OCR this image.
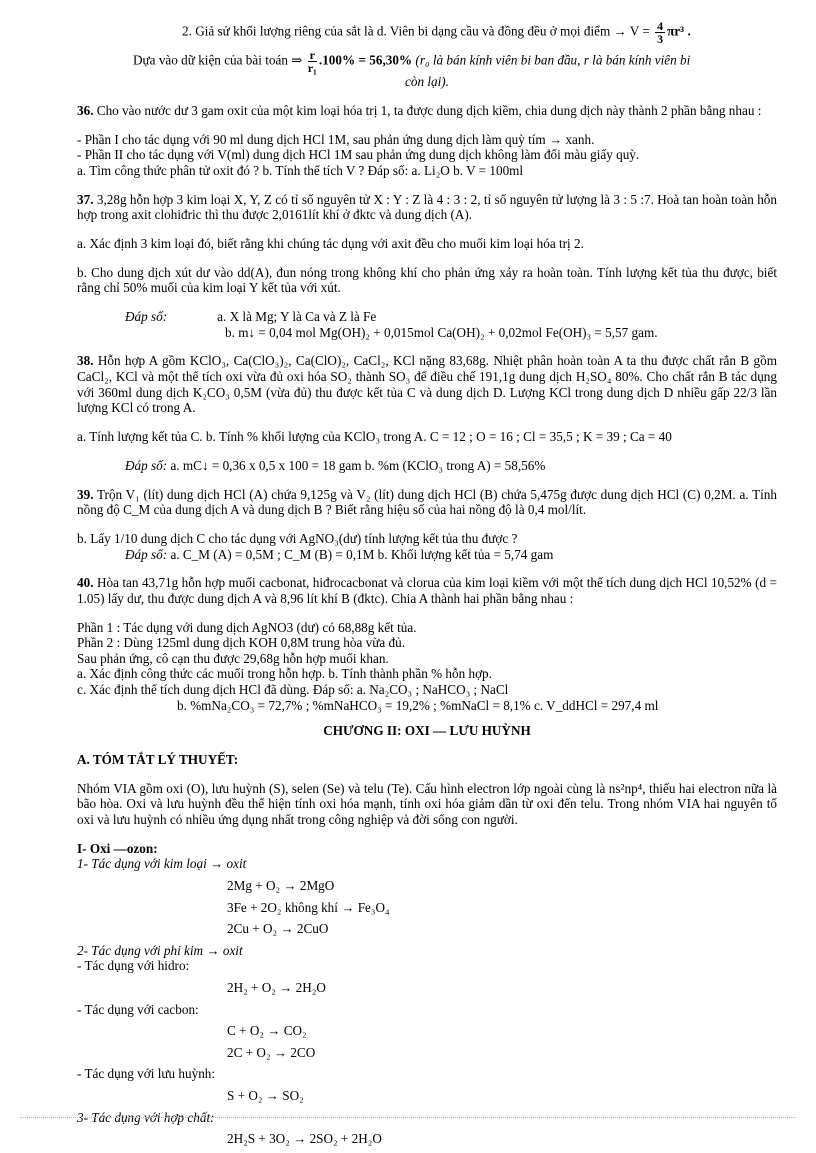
2. Giả sử khối lượng riêng của sắt là d. Viên bi dạng cầu và đồng đều ở mọi điểm → $V = \frac{4}{3} \pi r^3$ .

Dựa vào dữ kiện của bài toán ⇒ $\frac{r}{\text{r₁}} .100\% = 56,30\%$ (r₀ là bán kính viên bi ban đầu, r là bán kính viên bi

còn lại).

36. Cho vào nước dư 3 gam oxit của một kim loại hóa trị 1, ta được dung dịch kiềm, chia dung dịch này thành 2 phần bằng nhau :

- Phần I cho tác dụng với 90 ml dung dịch HCl 1M, sau phản ứng dung dịch làm quỳ tím → xanh.

- Phần II cho tác dụng với V(ml) dung dịch HCl 1M sau phản ứng dung dịch không làm đổi màu giấy quỳ.

a. Tìm công thức phân tử oxit đó ? b. Tính thể tích V ? Đáp số: a. Li₂O b. V = 100ml

37. 3,28g hỗn hợp 3 kim loại X, Y, Z có tỉ số nguyên tử X : Y : Z là 4 : 3 : 2, tỉ số nguyên tử lượng là 3 : 5 :7. Hoà tan hoàn toàn hỗn hợp trong axit clohiđric thì thu được 2,0161lít khí ở đktc và dung dịch (A).

a. Xác định 3 kim loại đó, biết rằng khi chúng tác dụng với axit đều cho muối kim loại hóa trị 2.

b. Cho dung dịch xút dư vào dd(A), đun nóng trong không khí cho phản ứng xảy ra hoàn toàn. Tính lượng kết tủa thu được, biết rằng chỉ 50% muối của kim loại Y kết tủa với xút.

Đáp số:	a. X là Mg; Y là Ca và Z là Fe

b. m↓ = 0,04 mol Mg(OH)₂ + 0,015mol Ca(OH)₂ + 0,02mol Fe(OH)₃ = 5,57 gam.

38. Hỗn hợp A gồm KClO₃, Ca(ClO₃)₂, Ca(ClO)₂, CaCl₂, KCl nặng 83,68g. Nhiệt phân hoàn toàn A ta thu được chất rắn B gồm CaCl₂, KCl và một thể tích oxi vừa đủ oxi hóa SO₂ thành SO₃ để điều chế 191,1g dung dịch H₂SO₄ 80%. Cho chất rắn B tác dụng với 360ml dung dịch K₂CO₃ 0,5M (vừa đủ) thu được kết tủa C và dung dịch D. Lượng KCl trong dung dịch D nhiều gấp 22/3 lần lượng KCl có trong A.

a. Tính lượng kết tủa C. b. Tính % khối lượng của KClO₃ trong A. C = 12 ; O = 16 ; Cl = 35,5 ; K = 39 ; Ca = 40

Đáp số: a. mC↓ = 0,36 x 0,5 x 100 = 18 gam b. %m (KClO₃ trong A) = 58,56%

39. Trộn V₁ (lít) dung dịch HCl (A) chứa 9,125g và V₂ (lít) dung dịch HCl (B) chứa 5,475g được dung dịch HCl (C) 0,2M. a. Tính nồng độ C_M của dung dịch A và dung dịch B ? Biết rằng hiệu số của hai nồng độ là 0,4 mol/lít.

b. Lấy 1/10 dung dịch C cho tác dụng với AgNO₃(dư) tính lượng kết tủa thu được ?

Đáp số: a. C_M (A) = 0,5M ; C_M (B) = 0,1M b. Khối lượng kết tủa = 5,74 gam

40. Hòa tan 43,71g hỗn hợp muối cacbonat, hiđrocacbonat và clorua của kim loại kiềm với một thể tích dung dịch HCl 10,52% (d = 1.05) lấy dư, thu được dung dịch A và 8,96 lít khí B (đktc). Chia A thành hai phần bằng nhau :

Phần 1 : Tác dụng với dung dịch AgNO3 (dư) có 68,88g kết tủa.

Phần 2 : Dùng 125ml dung dịch KOH 0,8M trung hòa vừa đủ.

Sau phản ứng, cô cạn thu được 29,68g hỗn hợp muối khan.

a. Xác định công thức các muối trong hỗn hợp. b. Tính thành phần % hỗn hợp.

c. Xác định thể tích dung dịch HCl đã dùng. Đáp số: a. Na₂CO₃ ; NaHCO₃ ; NaCl

b. %mNa₂CO₃ = 72,7% ; %mNaHCO₃ = 19,2% ; %mNaCl = 8,1% c. V_ddHCl = 297,4 ml

CHƯƠNG II: OXI — LƯU HUỲNH

A. TÓM TẮT LÝ THUYẾT:

Nhóm VIA gồm oxi (O), lưu huỳnh (S), selen (Se) và telu (Te). Cấu hình electron lớp ngoài cùng là ns²np⁴, thiếu hai electron nữa là bão hòa. Oxi và lưu huỳnh đều thể hiện tính oxi hóa mạnh, tính oxi hóa giảm dần từ oxi đến telu. Trong nhóm VIA hai nguyên tố oxi và lưu huỳnh có nhiều ứng dụng nhất trong công nghiệp và đời sống con người.

I- Oxi —ozon:

1- Tác dụng với kim loại → oxit

2Mg + O₂ → 2MgO

3Fe + 2O₂ không khí → Fe₃O₄

2Cu + O₂ → 2CuO

2- Tác dụng với phi kim → oxit

- Tác dụng với hidro:

2H₂ + O₂ → 2H₂O

- Tác dụng với cacbon:

C + O₂ → CO₂

2C + O₂ → 2CO

- Tác dụng với lưu huỳnh:

S + O₂ → SO₂

3- Tác dụng với hợp chất:

2H₂S + 3O₂ → 2SO₂ + 2H₂O
